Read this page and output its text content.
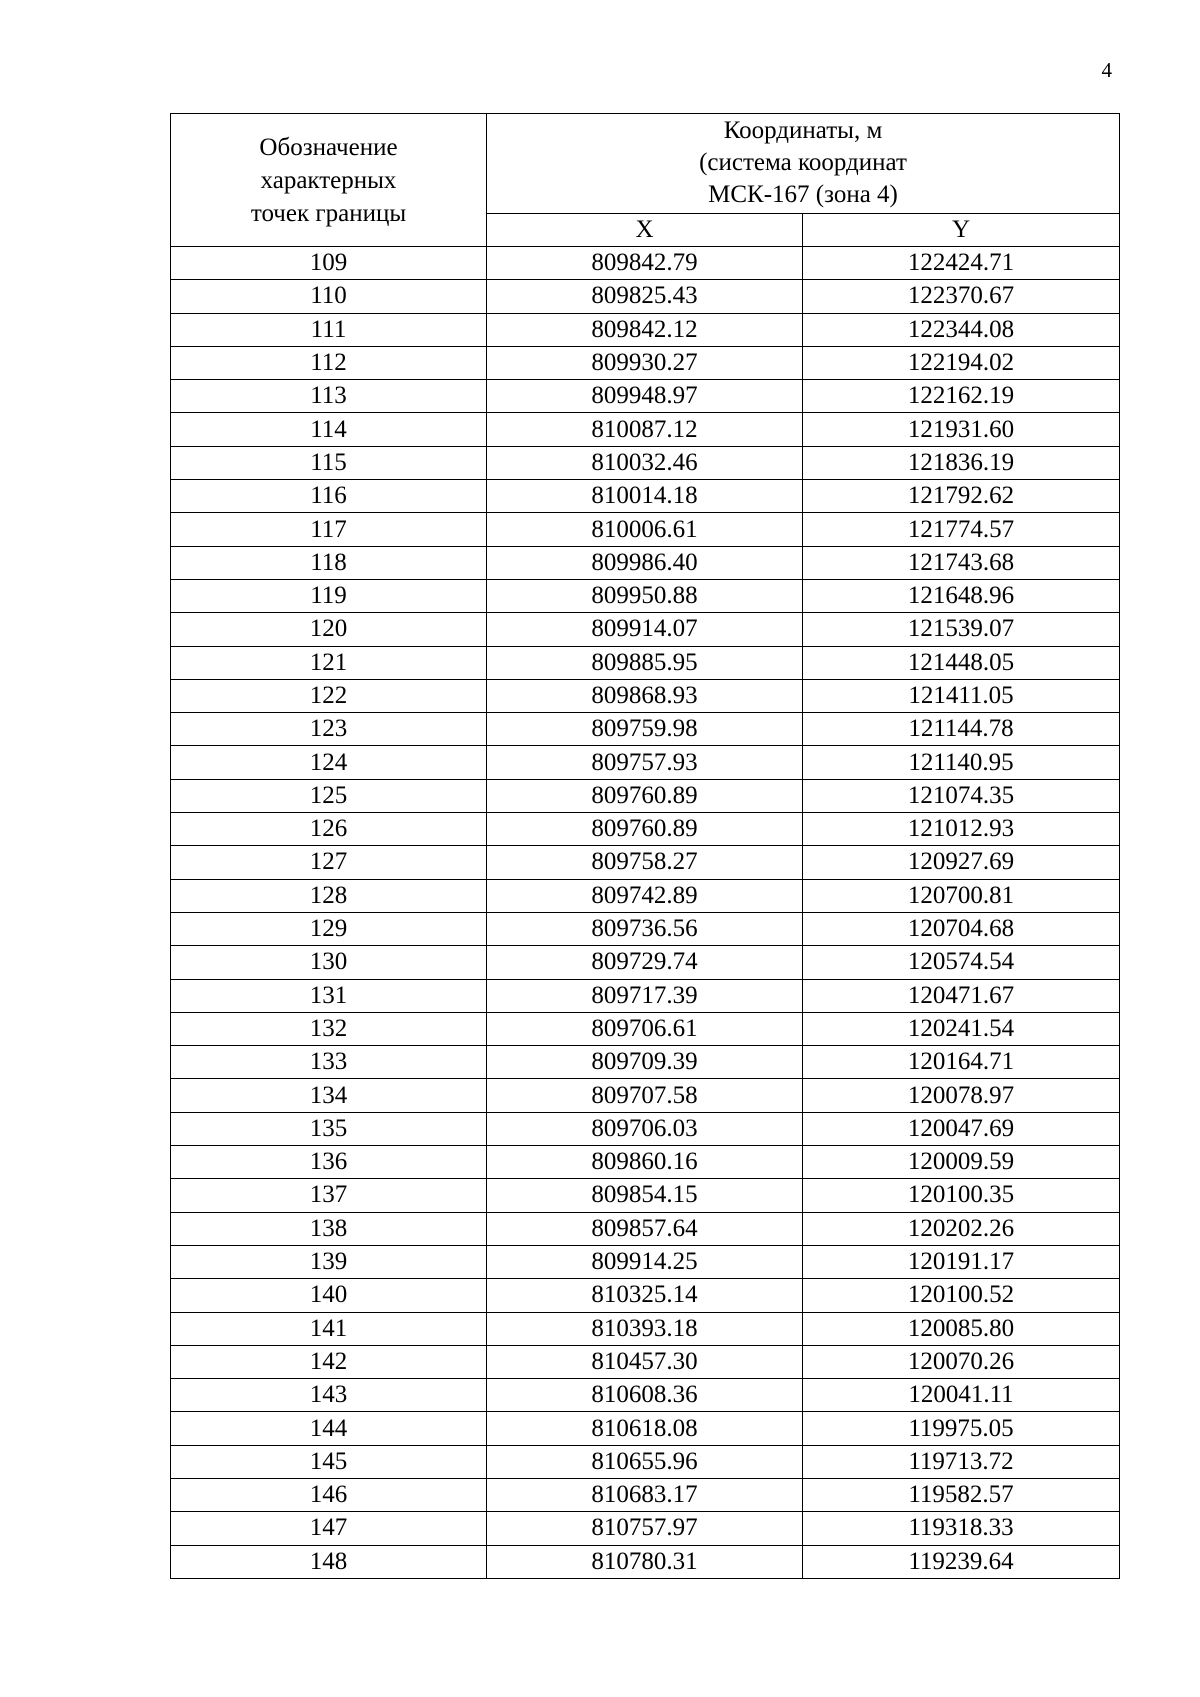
4
Обозначение
характерных
точек границы	Координаты, м
(система координат
МСК-167 (зона 4)	

	X	Y
109	809842.79	122424.71
110	809825.43	122370.67
111	809842.12	122344.08
112	809930.27	122194.02
113	809948.97	122162.19
114	810087.12	121931.60
115	810032.46	121836.19
116	810014.18	121792.62
117	810006.61	121774.57
118	809986.40	121743.68
119	809950.88	121648.96
120	809914.07	121539.07
121	809885.95	121448.05
122	809868.93	121411.05
123	809759.98	121144.78
124	809757.93	121140.95
125	809760.89	121074.35
126	809760.89	121012.93
127	809758.27	120927.69
128	809742.89	120700.81
129	809736.56	120704.68
130	809729.74	120574.54
131	809717.39	120471.67
132	809706.61	120241.54
133	809709.39	120164.71
134	809707.58	120078.97
135	809706.03	120047.69
136	809860.16	120009.59
137	809854.15	120100.35
138	809857.64	120202.26
139	809914.25	120191.17
140	810325.14	120100.52
141	810393.18	120085.80
142	810457.30	120070.26
143	810608.36	120041.11
144	810618.08	119975.05
145	810655.96	119713.72
146	810683.17	119582.57
147	810757.97	119318.33
148	810780.31	119239.64
